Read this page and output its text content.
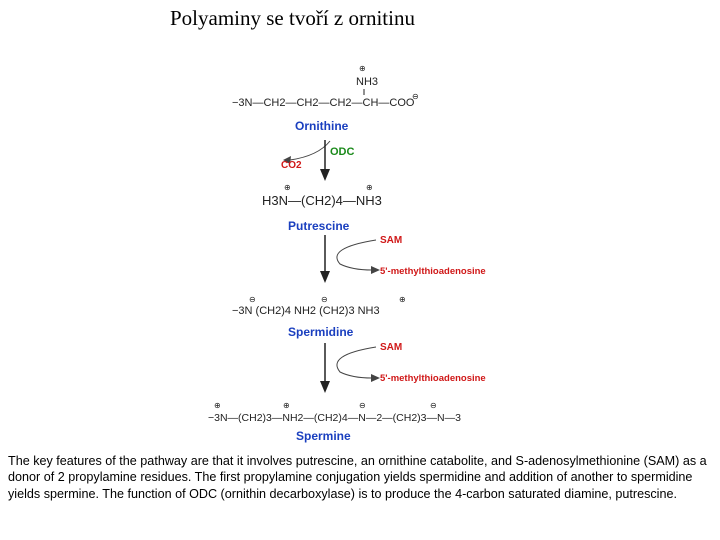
Polyaminy se tvoří z ornitinu
NH3
⊕
−3N—CH2—CH2—CH2—CH—COO
⊖
Ornithine
ODC
CO2
⊕	⊕
H3N—(CH2)4—NH3
Putrescine
SAM
5'-methylthioadenosine
⊖	⊖	⊕
−3N (CH2)4 NH2 (CH2)3 NH3
Spermidine
SAM
5'-methylthioadenosine
⊕	⊕	⊖	⊖
−3N—(CH2)3—NH2—(CH2)4—N—2—(CH2)3—N—3
Spermine

The key features of the pathway are that it involves putrescine, an ornithine catabolite, and S-adenosylmethionine (SAM) as a donor of 2 propylamine residues. The first propylamine conjugation yields spermidine and addition of another to spermidine yields spermine. The function of ODC (ornithin decarboxylase) is to produce the 4-carbon saturated diamine, putrescine.
